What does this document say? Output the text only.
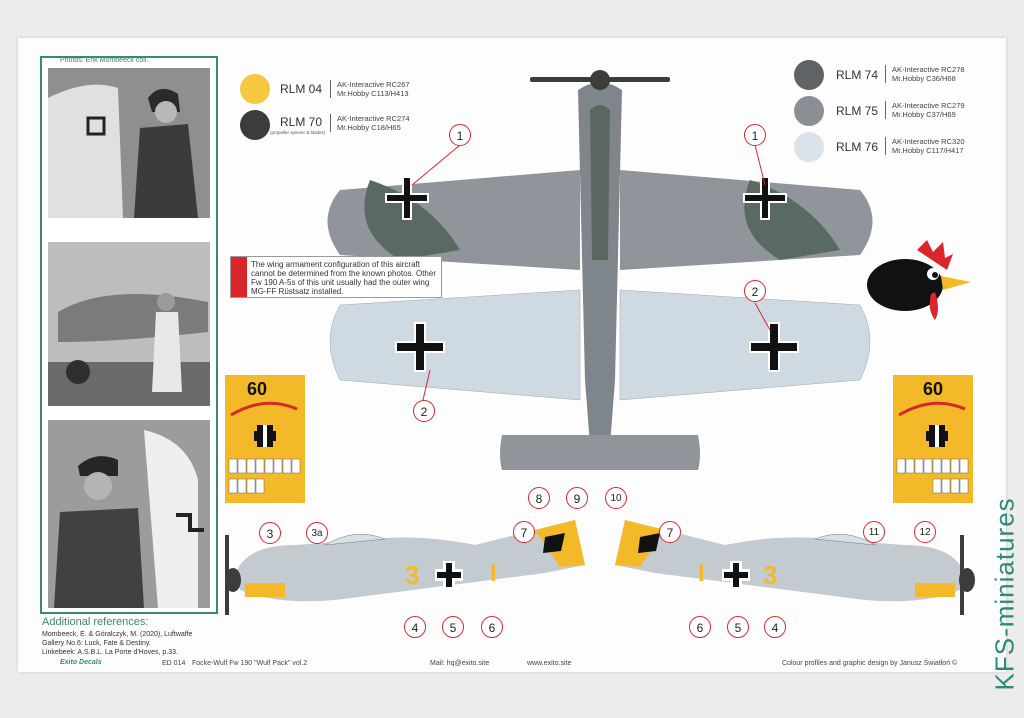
Photos: Erik Mombeeck coll.
Additional references:
Mombeeck, E. & Góralczyk, M. (2020), Luftwaffe
Gallery No.6: Luck, Fate & Destiny.
Linkebeek: A.S.B.L. La Porte d'Hoves, p.33.
RLM 04	AK-Interactive RC267
Mr.Hobby C113/H413
RLM 70
(propeller spinner & blades)
AK-Interactive RC274
Mr.Hobby C18/H65
RLM 74	AK-Interactive RC278
Mr.Hobby C36/H68
RLM 75	AK-Interactive RC279
Mr.Hobby C37/H69
RLM 76	AK-Interactive RC320
Mr.Hobby C117/H417
1	1
2
2
The wing armament configuration of this aircraft cannot be determined from the known photos. Other Fw 190 A-5s of this unit usually had the outer wing MG-FF Rüstsatz installed.
60	60
3	I	3
I
3	3a
4	5	6
7
8	9	10
7
6	5	4
11	12
Exito Decals	ED 014 Focke-Wulf Fw 190 "Wulf Pack" vol.2	Mail: hq@exito.site	www.exito.site	Colour profiles and graphic design by Janusz Światłoń © KFS-miniatures
